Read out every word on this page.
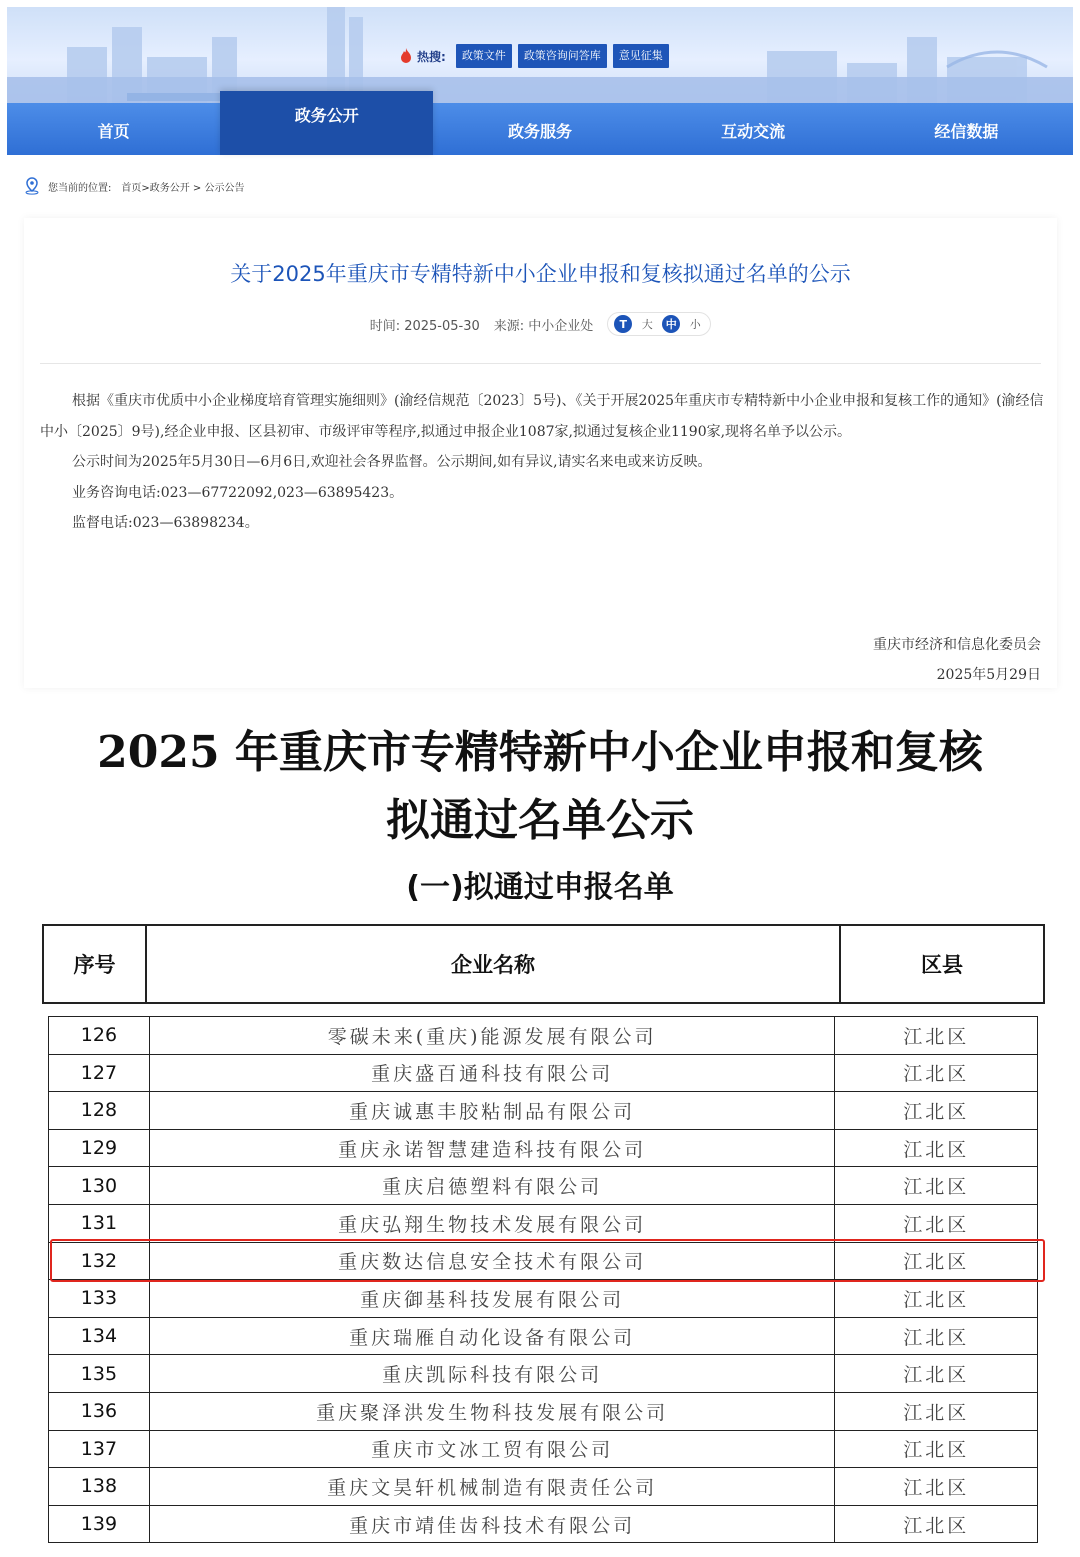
热搜:	政策文件	政策咨询问答库	意见征集
首页
政务公开
政务服务	互动交流	经信数据
您当前的位置: 首页>政务公开 > 公示公告
关于2025年重庆市专精特新中小企业申报和复核拟通过名单的公示
时间: 2025-05-30 来源: 中小企业处	T	大	中	小

根据《重庆市优质中小企业梯度培育管理实施细则》(渝经信规范〔2023〕5号)、《关于开展2025年重庆市专精特新中小企业申报和复核工作的通知》(渝经信中小〔2025〕9号),经企业申报、区县初审、市级评审等程序,拟通过申报企业1087家,拟通过复核企业1190家,现将名单予以公示。

公示时间为2025年5月30日—6月6日,欢迎社会各界监督。公示期间,如有异议,请实名来电或来访反映。

业务咨询电话:023—67722092,023—63895423。

监督电话:023—63898234。

重庆市经济和信息化委员会
2025年5月29日
2025 年重庆市专精特新中小企业申报和复核
拟通过名单公示
(一)拟通过申报名单
序号	企业名称	区县
126	零碳未来(重庆)能源发展有限公司	江北区
127	重庆盛百通科技有限公司	江北区
128	重庆诚惠丰胶粘制品有限公司	江北区
129	重庆永诺智慧建造科技有限公司	江北区
130	重庆启德塑料有限公司	江北区
131	重庆弘翔生物技术发展有限公司	江北区
132	重庆数达信息安全技术有限公司	江北区
133	重庆御基科技发展有限公司	江北区
134	重庆瑞雁自动化设备有限公司	江北区
135	重庆凯际科技有限公司	江北区
136	重庆聚泽洪发生物科技发展有限公司	江北区
137	重庆市文冰工贸有限公司	江北区
138	重庆文昊轩机械制造有限责任公司	江北区
139	重庆市靖佳齿科技术有限公司	江北区
